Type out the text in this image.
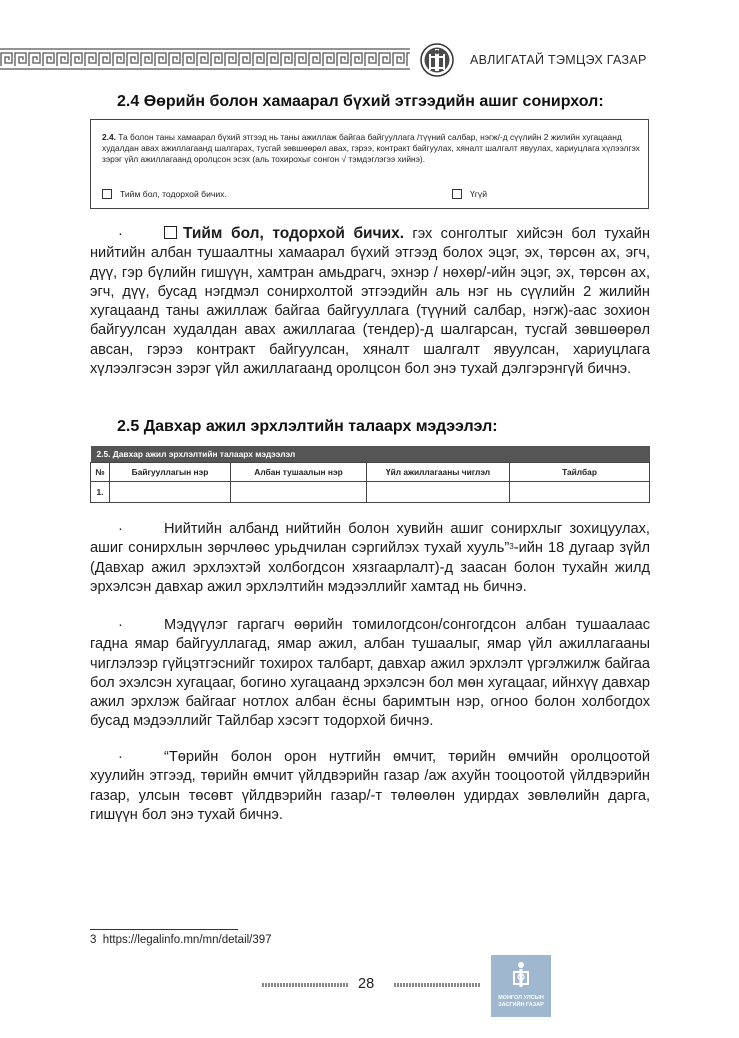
АВЛИГАТАЙ ТЭМЦЭХ ГАЗАР
2.4 Өөрийн болон хамаарал бүхий этгээдийн ашиг сонирхол:
2.4. Та болон таны хамаарал бүхий этгээд нь таны ажиллаж байгаа байгууллага /түүний салбар, нэгж/-д сүүлийн 2 жилийн хугацаанд худалдан авах ажиллагаанд шалгарах, тусгай зөвшөөрөл авах, гэрээ, контракт байгуулах, хяналт шалгалт явуулах, хариуцлага хүлээлгэх зэрэг үйл ажиллагаанд оролцсон эсэх (аль тохирохыг сонгон √ тэмдэглэгээ хийнэ).
Тийм бол, тодорхой бичих.	Үгүй
·	Тийм бол, тодорхой бичих. гэх сонголтыг хийсэн бол тухайн нийтийн албан тушаалтны хамаарал бүхий этгээд болох эцэг, эх, төрсөн ах, эгч, дүү, гэр бүлийн гишүүн, хамтран амьдрагч, эхнэр / нөхөр/-ийн эцэг, эх, төрсөн ах, эгч, дүү, бусад нэгдмэл сонирхолтой этгээдийн аль нэг нь сүүлийн 2 жилийн хугацаанд таны ажиллаж байгаа байгууллага (түүний салбар, нэгж)-аас зохион байгуулсан худалдан авах ажиллагаа (тендер)-д шалгарсан, тусгай зөвшөөрөл авсан, гэрээ контракт байгуулсан, хяналт шалгалт явуулсан, хариуцлага хүлээлгэсэн зэрэг үйл ажиллагаанд оролцсон бол энэ тухай дэлгэрэнгүй бичнэ.
2.5 Давхар ажил эрхлэлтийн талаарх мэдээлэл:
2.5. Давхар ажил эрхлэлтийн талаарх мэдээлэл				
№	Байгууллагын нэр	Албан тушаалын нэр	Үйл ажиллагааны чиглэл	Тайлбар
1.				
·	Нийтийн албанд нийтийн болон хувийн ашиг сонирхлыг зохицуулах, ашиг сонирхлын зөрчлөөс урьдчилан сэргийлэх тухай хууль”$^3$-ийн 18 дугаар зүйл (Давхар ажил эрхлэхтэй холбогдсон хязгаарлалт)-д заасан болон тухайн жилд эрхэлсэн давхар ажил эрхлэлтийн мэдээллийг хамтад нь бичнэ.
·	Мэдүүлэг гаргагч өөрийн томилогдсон/сонгогдсон албан тушаалаас гадна ямар байгууллагад, ямар ажил, албан тушаалыг, ямар үйл ажиллагааны чиглэлээр гүйцэтгэснийг тохирох талбарт, давхар ажил эрхлэлт үргэлжилж байгаа бол эхэлсэн хугацааг, богино хугацаанд эрхэлсэн бол мөн хугацааг, ийнхүү давхар ажил эрхлэж байгааг нотлох албан ёсны баримтын нэр, огноо болон холбогдох бусад мэдээллийг Тайлбар хэсэгт тодорхой бичнэ.
·	“Төрийн болон орон нутгийн өмчит, төрийн өмчийн оролцоотой хуулийн этгээд, төрийн өмчит үйлдвэрийн газар /аж ахуйн тооцоотой үйлдвэрийн газар, улсын төсөвт үйлдвэрийн газар/-т төлөөлөн удирдах зөвлөлийн дарга, гишүүн бол энэ тухай бичнэ.
3 https://legalinfo.mn/mn/detail/397
28
МОНГОЛ УЛСЫН ЗАСГИЙН ГАЗАР
